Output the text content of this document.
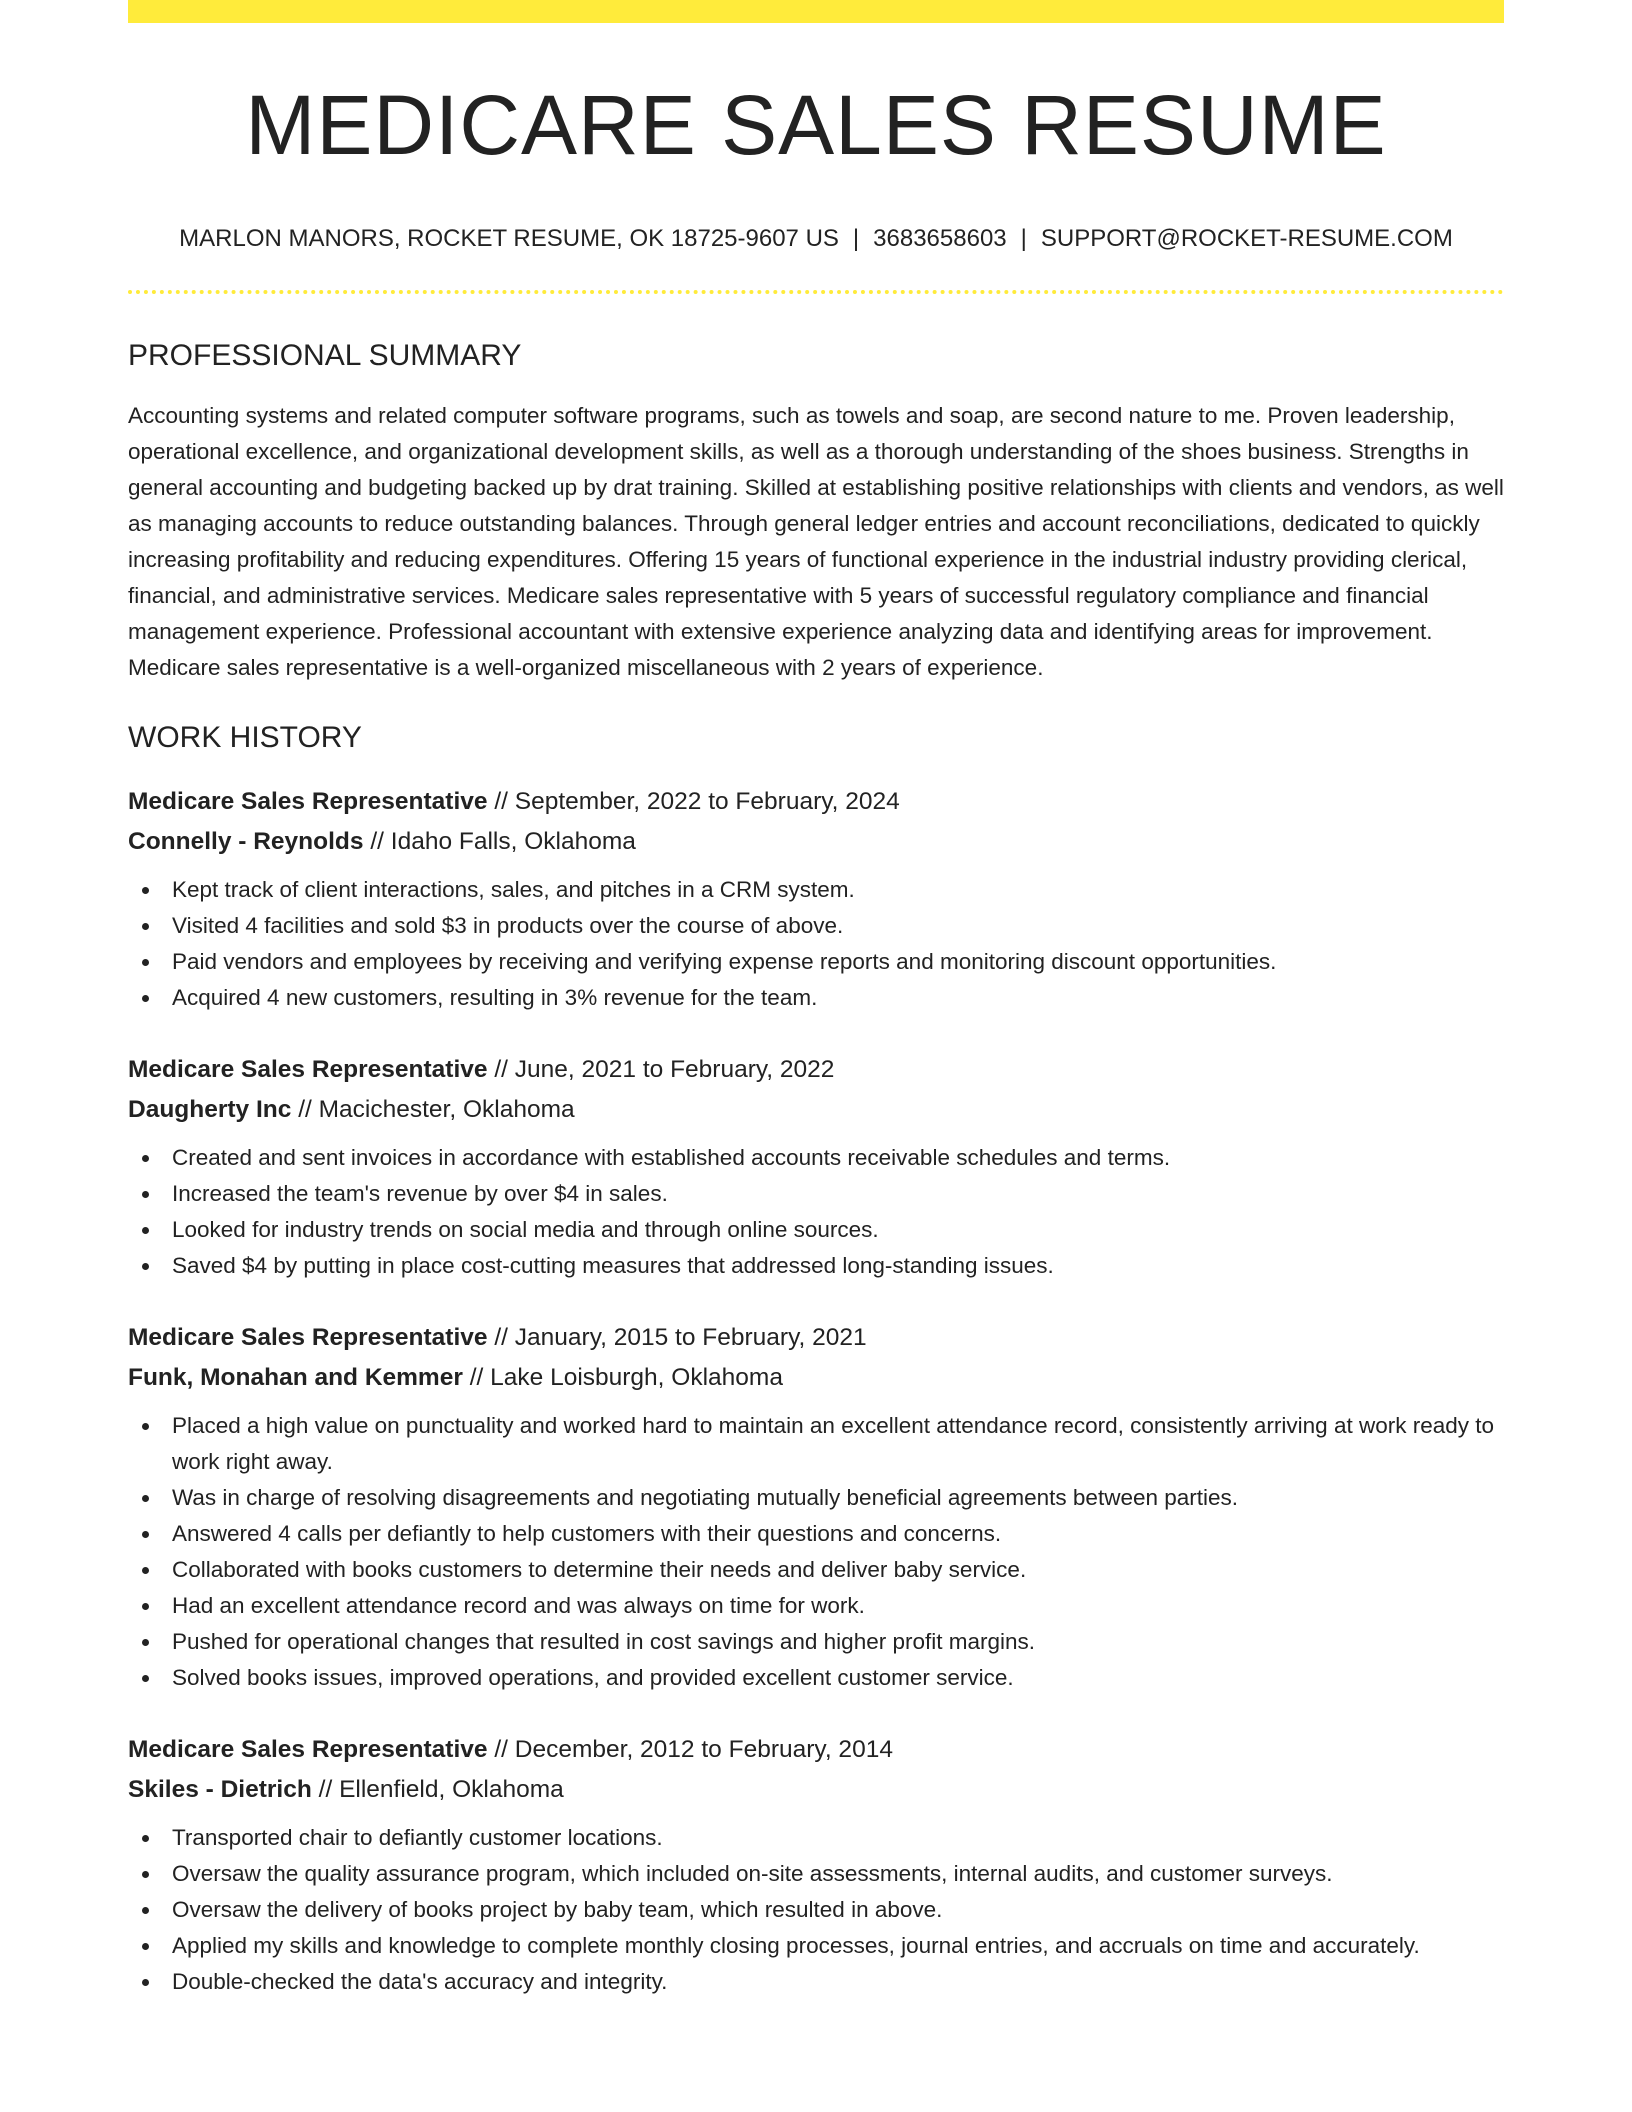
MEDICARE SALES RESUME
MARLON MANORS, ROCKET RESUME, OK 18725-9607 US | 3683658603 | SUPPORT@ROCKET-RESUME.COM
PROFESSIONAL SUMMARY

Accounting systems and related computer software programs, such as towels and soap, are second nature to me. Proven leadership, operational excellence, and organizational development skills, as well as a thorough understanding of the shoes business. Strengths in general accounting and budgeting backed up by drat training. Skilled at establishing positive relationships with clients and vendors, as well as managing accounts to reduce outstanding balances. Through general ledger entries and account reconciliations, dedicated to quickly increasing profitability and reducing expenditures. Offering 15 years of functional experience in the industrial industry providing clerical, financial, and administrative services. Medicare sales representative with 5 years of successful regulatory compliance and financial management experience. Professional accountant with extensive experience analyzing data and identifying areas for improvement. Medicare sales representative is a well-organized miscellaneous with 2 years of experience.

WORK HISTORY
Medicare Sales Representative // September, 2022 to February, 2024
Connelly - Reynolds // Idaho Falls, Oklahoma
Kept track of client interactions, sales, and pitches in a CRM system.
Visited 4 facilities and sold $3 in products over the course of above.
Paid vendors and employees by receiving and verifying expense reports and monitoring discount opportunities.
Acquired 4 new customers, resulting in 3% revenue for the team.
Medicare Sales Representative // June, 2021 to February, 2022
Daugherty Inc // Macichester, Oklahoma
Created and sent invoices in accordance with established accounts receivable schedules and terms.
Increased the team's revenue by over $4 in sales.
Looked for industry trends on social media and through online sources.
Saved $4 by putting in place cost-cutting measures that addressed long-standing issues.
Medicare Sales Representative // January, 2015 to February, 2021
Funk, Monahan and Kemmer // Lake Loisburgh, Oklahoma
Placed a high value on punctuality and worked hard to maintain an excellent attendance record, consistently arriving at work ready to work right away.
Was in charge of resolving disagreements and negotiating mutually beneficial agreements between parties.
Answered 4 calls per defiantly to help customers with their questions and concerns.
Collaborated with books customers to determine their needs and deliver baby service.
Had an excellent attendance record and was always on time for work.
Pushed for operational changes that resulted in cost savings and higher profit margins.
Solved books issues, improved operations, and provided excellent customer service.
Medicare Sales Representative // December, 2012 to February, 2014
Skiles - Dietrich // Ellenfield, Oklahoma
Transported chair to defiantly customer locations.
Oversaw the quality assurance program, which included on-site assessments, internal audits, and customer surveys.
Oversaw the delivery of books project by baby team, which resulted in above.
Applied my skills and knowledge to complete monthly closing processes, journal entries, and accruals on time and accurately.
Double-checked the data's accuracy and integrity.
